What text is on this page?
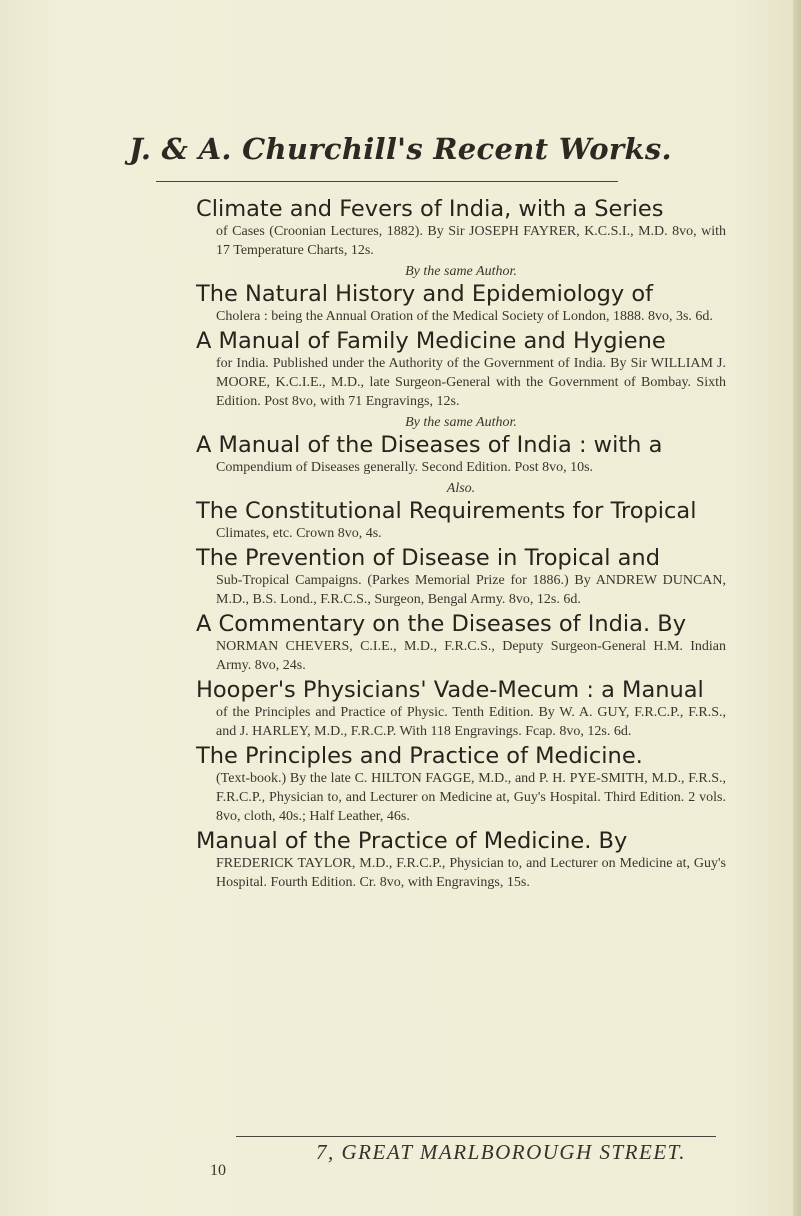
J. & A. Churchill's Recent Works.
Climate and Fevers of India, with a Series

of Cases (Croonian Lectures, 1882). By Sir JOSEPH FAYRER, K.C.S.I., M.D. 8vo, with 17 Temperature Charts, 12s.

By the same Author.

The Natural History and Epidemiology of

Cholera : being the Annual Oration of the Medical Society of London, 1888. 8vo, 3s. 6d.

A Manual of Family Medicine and Hygiene

for India. Published under the Authority of the Government of India. By Sir WILLIAM J. MOORE, K.C.I.E., M.D., late Surgeon-General with the Government of Bombay. Sixth Edition. Post 8vo, with 71 Engravings, 12s.

By the same Author.

A Manual of the Diseases of India : with a

Compendium of Diseases generally. Second Edition. Post 8vo, 10s.

Also.

The Constitutional Requirements for Tropical

Climates, etc. Crown 8vo, 4s.

The Prevention of Disease in Tropical and

Sub-Tropical Campaigns. (Parkes Memorial Prize for 1886.) By ANDREW DUNCAN, M.D., B.S. Lond., F.R.C.S., Surgeon, Bengal Army. 8vo, 12s. 6d.

A Commentary on the Diseases of India. By

NORMAN CHEVERS, C.I.E., M.D., F.R.C.S., Deputy Surgeon-General H.M. Indian Army. 8vo, 24s.

Hooper's Physicians' Vade-Mecum : a Manual

of the Principles and Practice of Physic. Tenth Edition. By W. A. GUY, F.R.C.P., F.R.S., and J. HARLEY, M.D., F.R.C.P. With 118 Engravings. Fcap. 8vo, 12s. 6d.

The Principles and Practice of Medicine.

(Text-book.) By the late C. HILTON FAGGE, M.D., and P. H. PYE-SMITH, M.D., F.R.S., F.R.C.P., Physician to, and Lecturer on Medicine at, Guy's Hospital. Third Edition. 2 vols. 8vo, cloth, 40s.; Half Leather, 46s.

Manual of the Practice of Medicine. By

FREDERICK TAYLOR, M.D., F.R.C.P., Physician to, and Lecturer on Medicine at, Guy's Hospital. Fourth Edition. Cr. 8vo, with Engravings, 15s.

7, GREAT MARLBOROUGH STREET.
10
